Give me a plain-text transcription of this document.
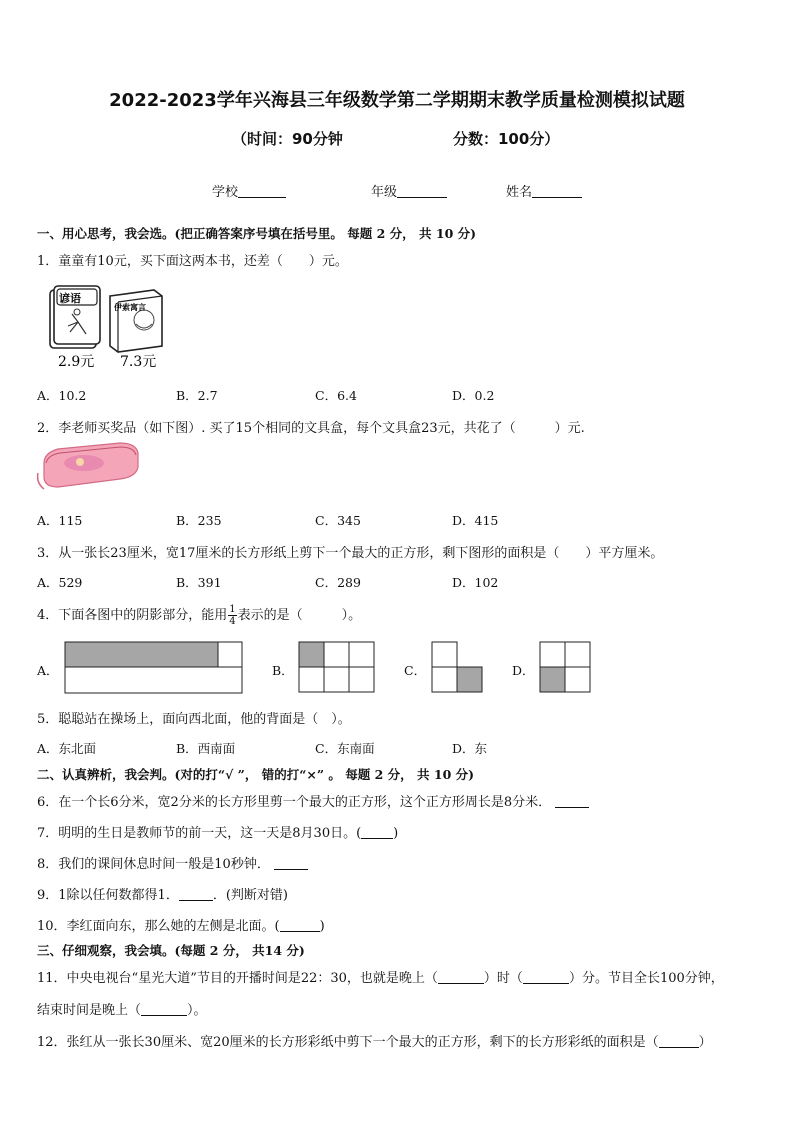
2022-2023学年兴海县三年级数学第二学期期末教学质量检测模拟试题
（时间：90分钟	分数：100分）
学校	年级	姓名
一、用心思考，我会选。(把正确答案序号填在括号里。 每题 2 分， 共 10 分)
1．童童有10元，买下面这两本书，还差（　　）元。
谚语
伊索寓言
2.9元 7.3元
A．10.2	B．2.7	C．6.4	D．0.2
2．李老师买奖品（如下图）. 买了15个相同的文具盒，每个文具盒23元，共花了（　　　）元.
A．115	B．235	C．345	D．415
3．从一张长23厘米，宽17厘米的长方形纸上剪下一个最大的正方形，剩下图形的面积是（　　）平方厘米。
A．529	B．391	C．289	D．102
4．下面各图中的阴影部分，能用 $\frac{1}{4}$ 表示的是（　　　）。
A．	B．	C．	D．
5．聪聪站在操场上，面向西北面，他的背面是（　）。
A．东北面	B．西南面	C．东南面	D．东
二、认真辨析，我会判。(对的打“√ ”， 错的打“×” 。 每题 2 分， 共 10 分)
6．在一个长6分米，宽2分米的长方形里剪一个最大的正方形，这个正方形周长是8分米．
7．明明的生日是教师节的前一天，这一天是8月30日。( )
8．我们的课间休息时间一般是10秒钟．
9．1除以任何数都得1．	．(判断对错)
10．李红面向东，那么她的左侧是北面。(	)
三、仔细观察，我会填。(每题 2 分， 共14 分)
11．中央电视台“星光大道”节目的开播时间是22：30，也就是晚上（	）时（	）分。节目全长100分钟，
结束时间是晚上（	）。
12．张红从一张长30厘米、宽20厘米的长方形彩纸中剪下一个最大的正方形，剩下的长方形彩纸的面积是（	）
